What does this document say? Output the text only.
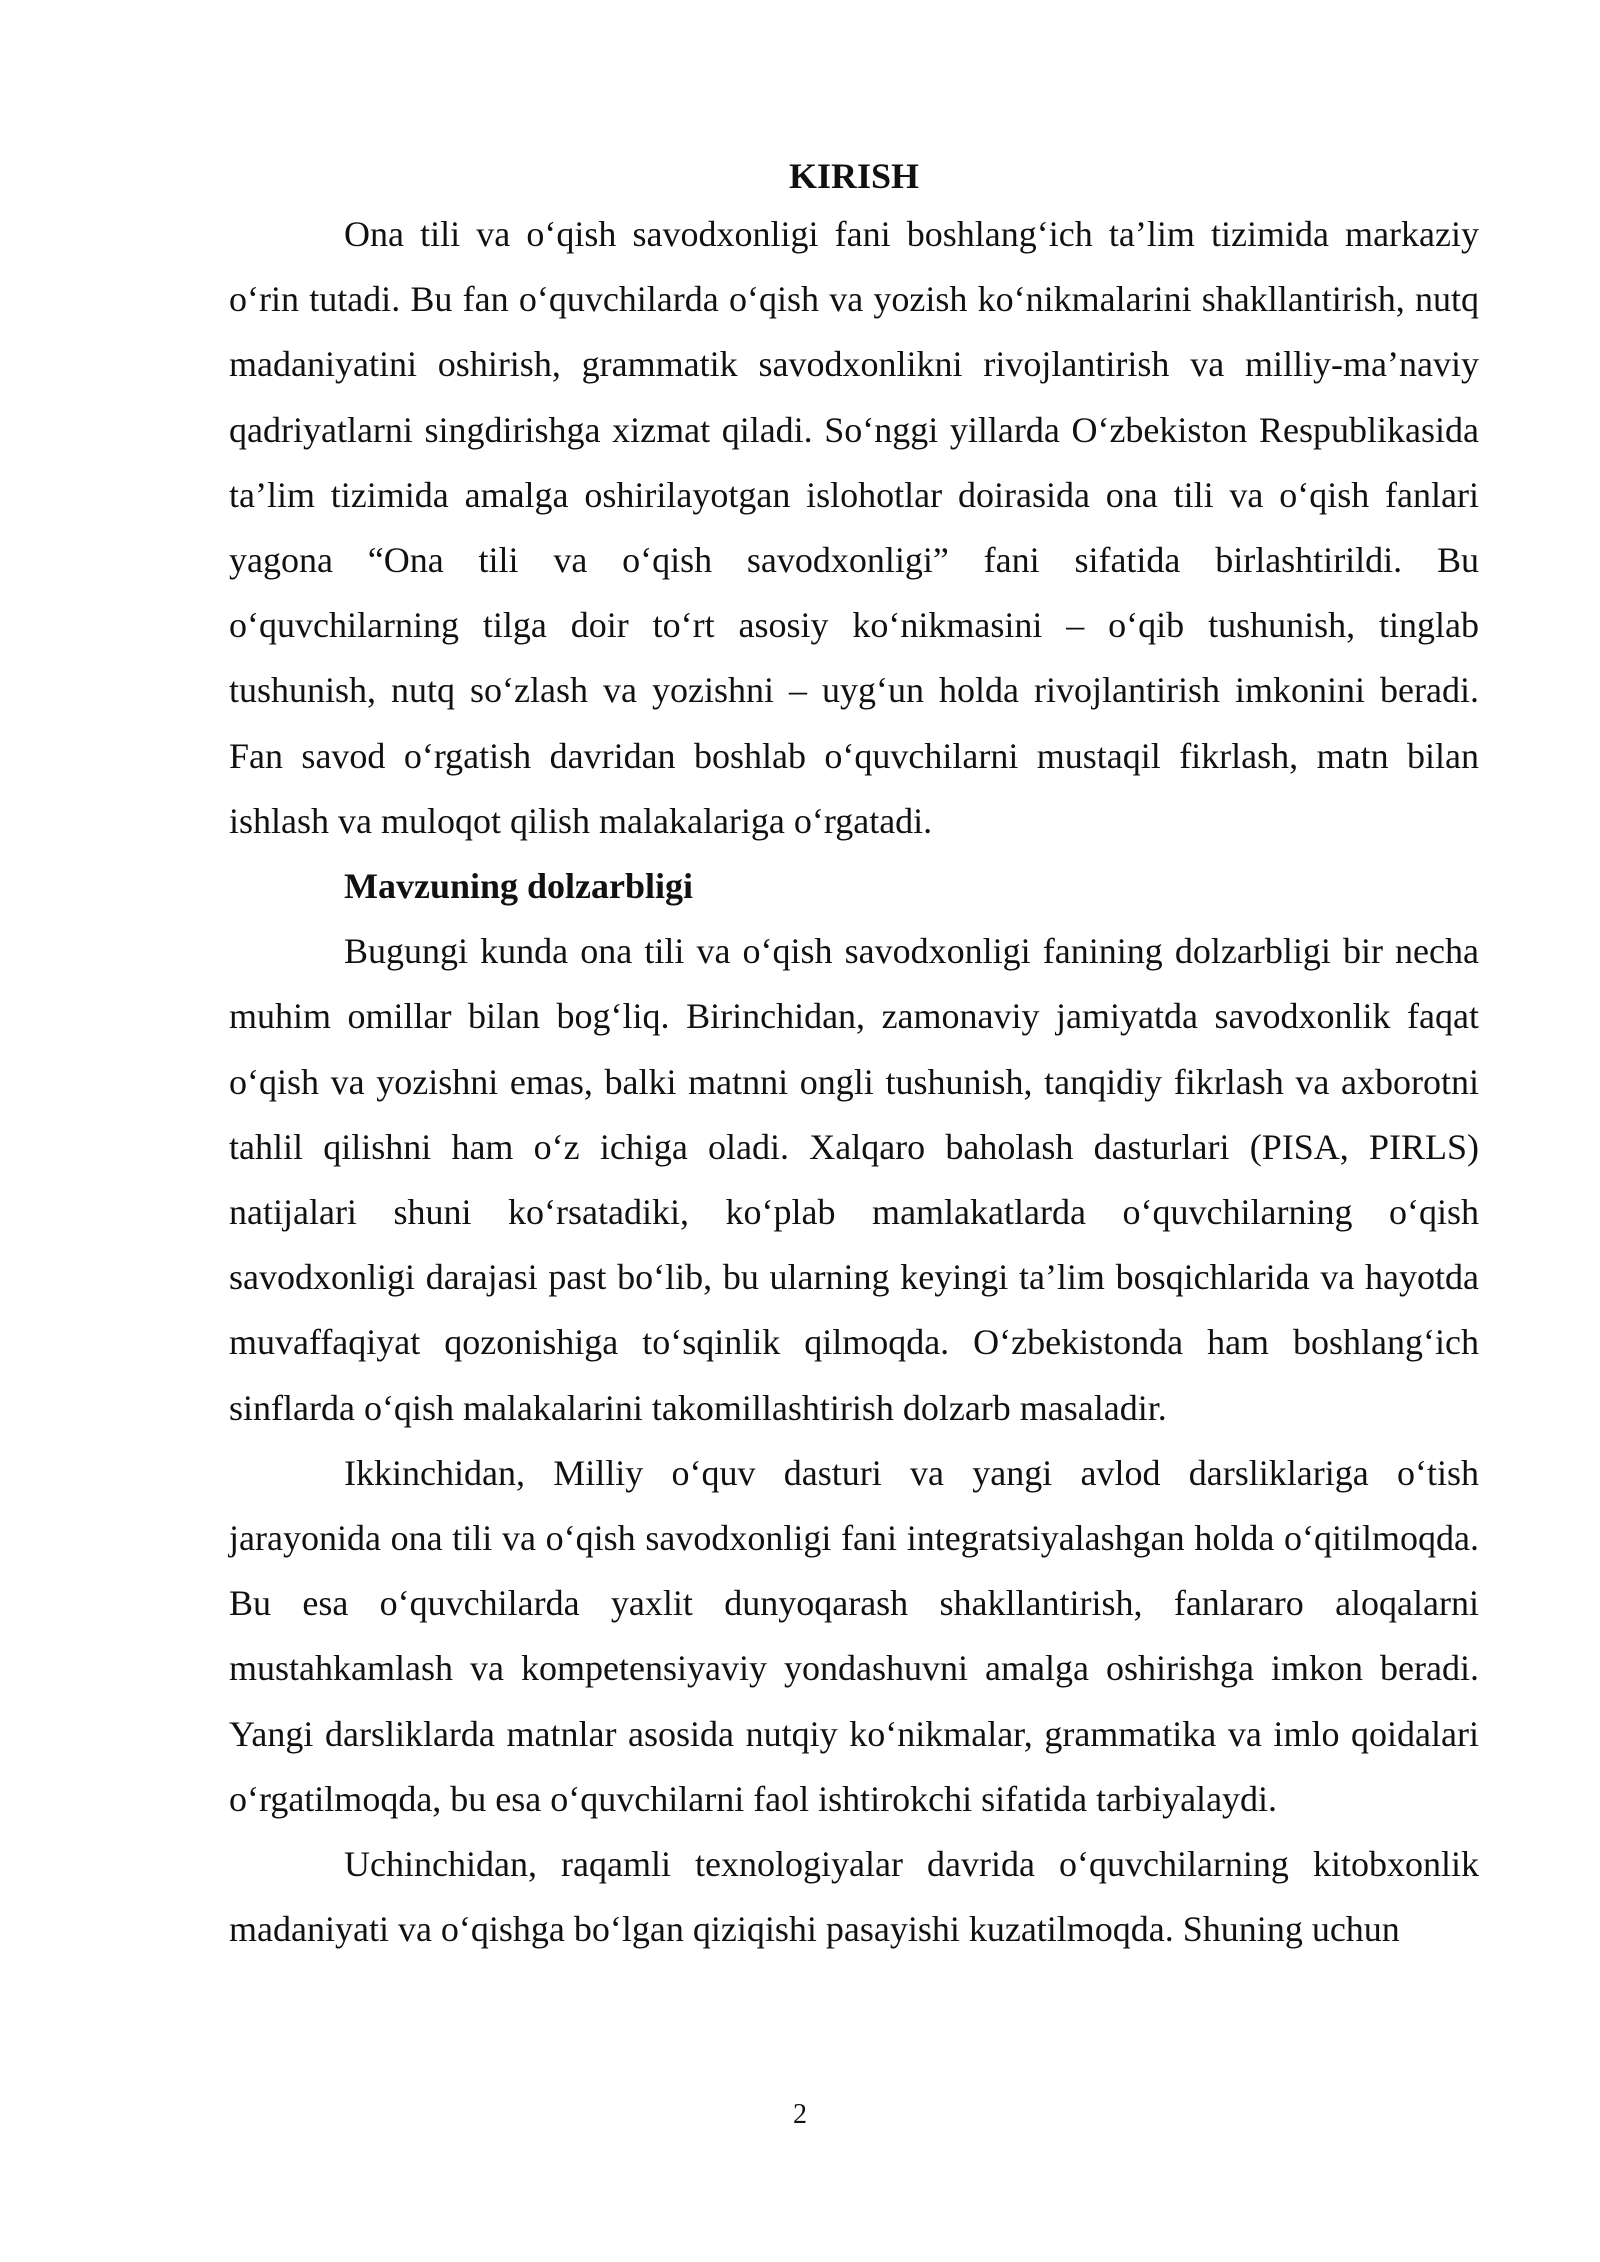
KIRISH

Ona tili va o‘qish savodxonligi fani boshlang‘ich ta’lim tizimida markaziy o‘rin tutadi. Bu fan o‘quvchilarda o‘qish va yozish ko‘nikmalarini shakllantirish, nutq madaniyatini oshirish, grammatik savodxonlikni rivojlantirish va milliy-ma’naviy qadriyatlarni singdirishga xizmat qiladi. So‘nggi yillarda O‘zbekiston Respublikasida ta’lim tizimida amalga oshirilayotgan islohotlar doirasida ona tili va o‘qish fanlari yagona “Ona tili va o‘qish savodxonligi” fani sifatida birlashtirildi. Bu o‘quvchilarning tilga doir to‘rt asosiy ko‘nikmasini – o‘qib tushunish, tinglab tushunish, nutq so‘zlash va yozishni – uyg‘un holda rivojlantirish imkonini beradi. Fan savod o‘rgatish davridan boshlab o‘quvchilarni mustaqil fikrlash, matn bilan ishlash va muloqot qilish malakalariga o‘rgatadi.

Mavzuning dolzarbligi

Bugungi kunda ona tili va o‘qish savodxonligi fanining dolzarbligi bir necha muhim omillar bilan bog‘liq. Birinchidan, zamonaviy jamiyatda savodxonlik faqat o‘qish va yozishni emas, balki matnni ongli tushunish, tanqidiy fikrlash va axborotni tahlil qilishni ham o‘z ichiga oladi. Xalqaro baholash dasturlari (PISA, PIRLS) natijalari shuni ko‘rsatadiki, ko‘plab mamlakatlarda o‘quvchilarning o‘qish savodxonligi darajasi past bo‘lib, bu ularning keyingi ta’lim bosqichlarida va hayotda muvaffaqiyat qozonishiga to‘sqinlik qilmoqda. O‘zbekistonda ham boshlang‘ich sinflarda o‘qish malakalarini takomillashtirish dolzarb masaladir.

Ikkinchidan, Milliy o‘quv dasturi va yangi avlod darsliklariga o‘tish jarayonida ona tili va o‘qish savodxonligi fani integratsiyalashgan holda o‘qitilmoqda. Bu esa o‘quvchilarda yaxlit dunyoqarash shakllantirish, fanlararo aloqalarni mustahkamlash va kompetensiyaviy yondashuvni amalga oshirishga imkon beradi. Yangi darsliklarda matnlar asosida nutqiy ko‘nikmalar, grammatika va imlo qoidalari o‘rgatilmoqda, bu esa o‘quvchilarni faol ishtirokchi sifatida tarbiyalaydi.

Uchinchidan, raqamli texnologiyalar davrida o‘quvchilarning kitobxonlik madaniyati va o‘qishga bo‘lgan qiziqishi pasayishi kuzatilmoqda. Shuning uchun

2
